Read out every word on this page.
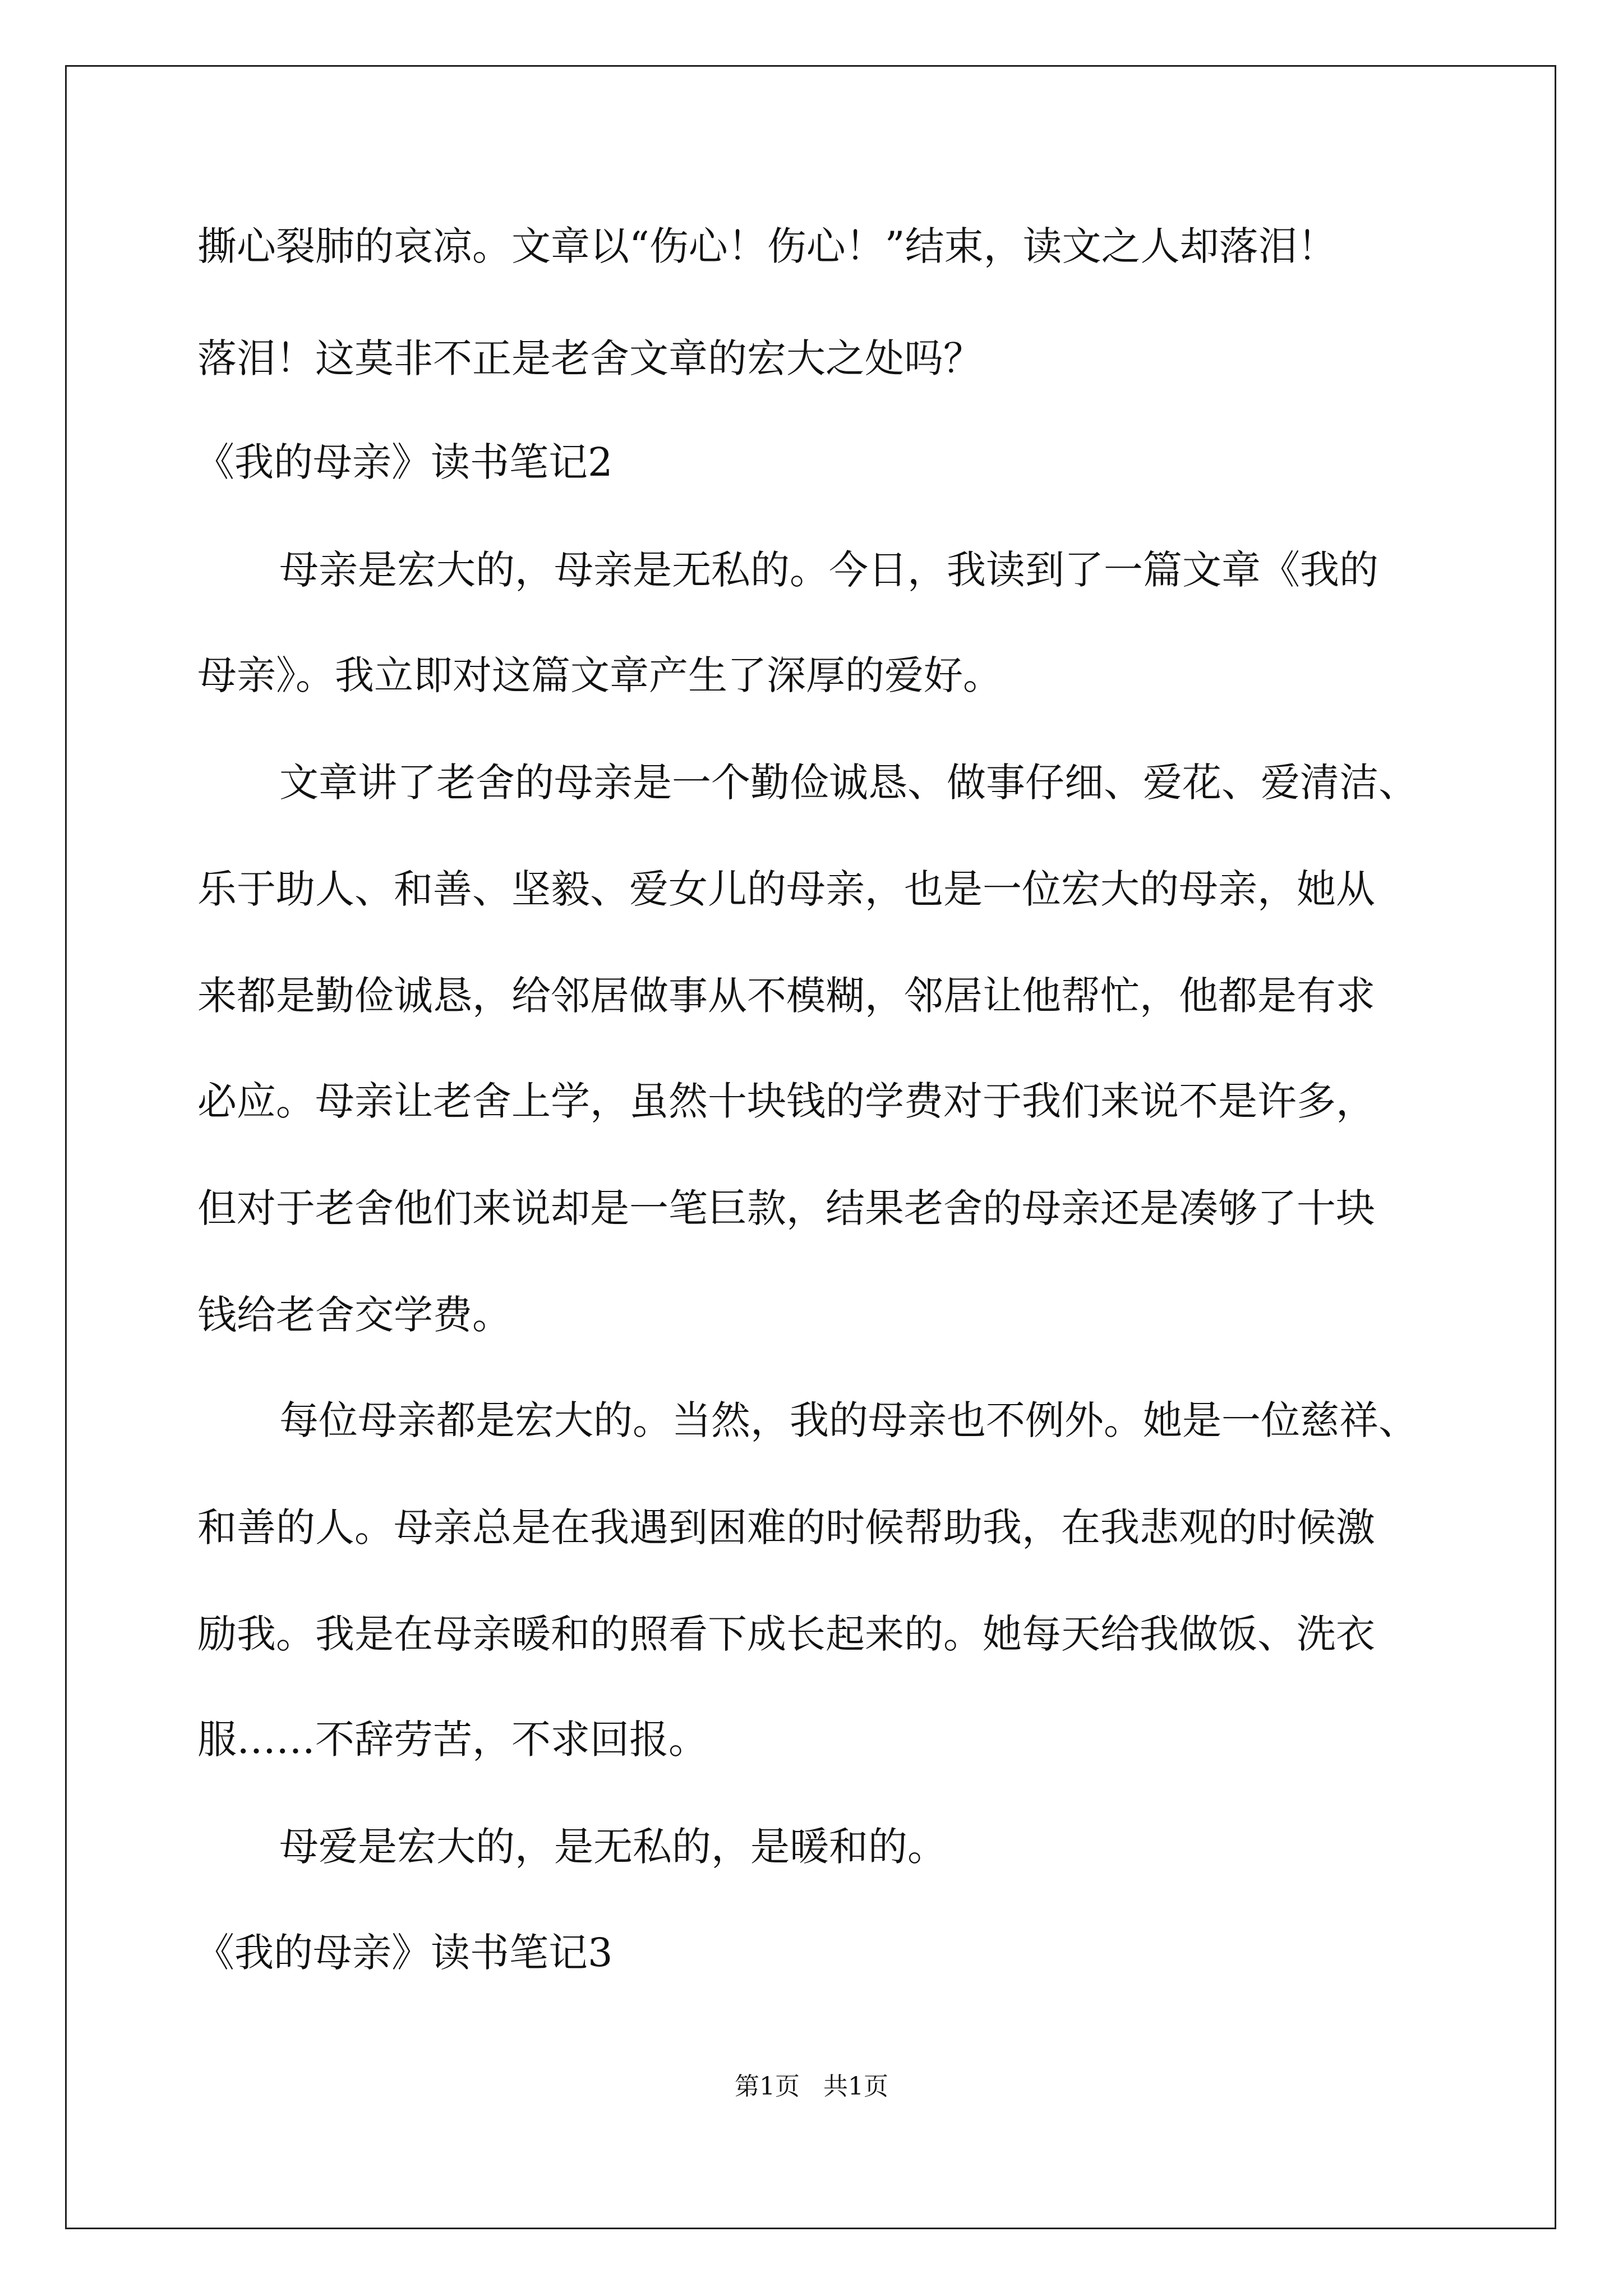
撕心裂肺的哀凉。文章以“伤心！伤心！”结束，读文之人却落泪！
落泪！这莫非不正是老舍文章的宏大之处吗？
《我的母亲》读书笔记2
母亲是宏大的，母亲是无私的。今日，我读到了一篇文章《我的
母亲》。我立即对这篇文章产生了深厚的爱好。
文章讲了老舍的母亲是一个勤俭诚恳、做事仔细、爱花、爱清洁、
乐于助人、和善、坚毅、爱女儿的母亲，也是一位宏大的母亲，她从
来都是勤俭诚恳，给邻居做事从不模糊，邻居让他帮忙，他都是有求
必应。母亲让老舍上学，虽然十块钱的学费对于我们来说不是许多，
但对于老舍他们来说却是一笔巨款，结果老舍的母亲还是凑够了十块
钱给老舍交学费。
每位母亲都是宏大的。当然，我的母亲也不例外。她是一位慈祥、
和善的人。母亲总是在我遇到困难的时候帮助我，在我悲观的时候激
励我。我是在母亲暖和的照看下成长起来的。她每天给我做饭、洗衣
服……不辞劳苦，不求回报。
母爱是宏大的，是无私的，是暖和的。
《我的母亲》读书笔记3
第1页   共1页
